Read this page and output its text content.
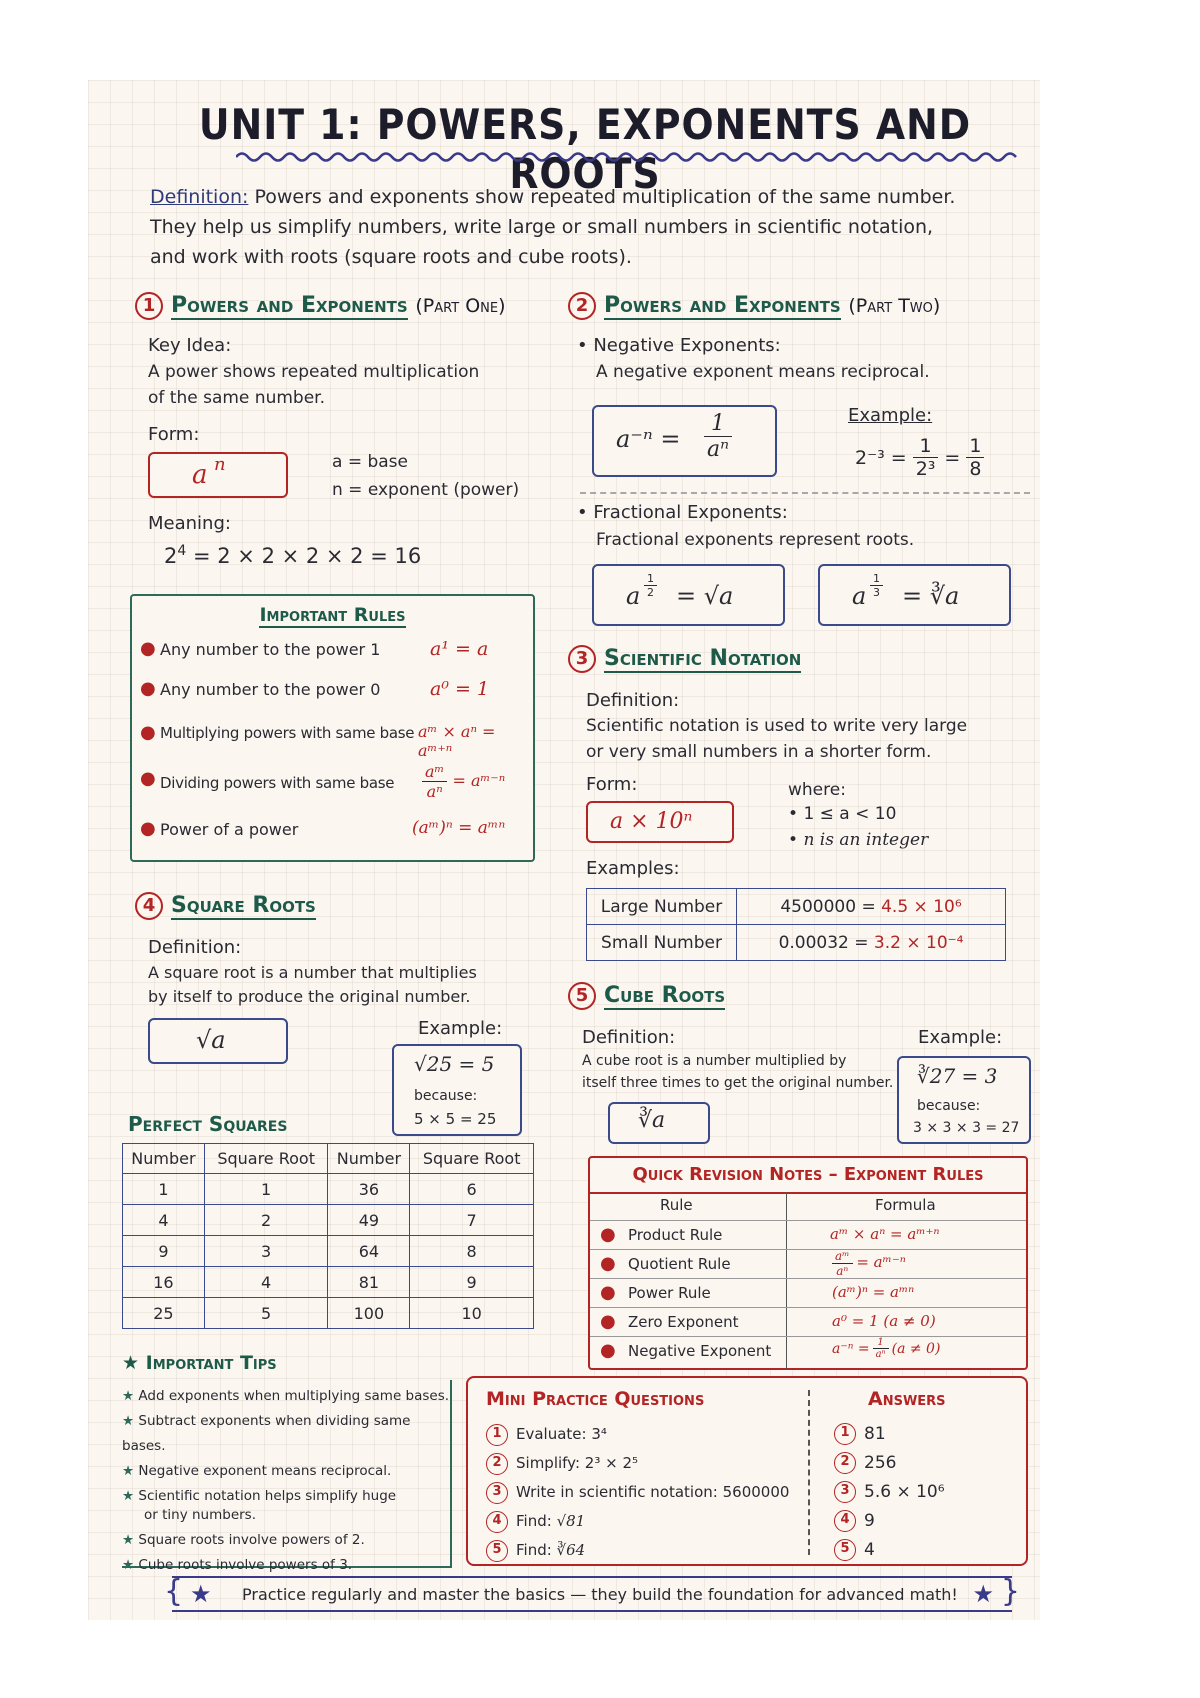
UNIT 1: POWERS, EXPONENTS AND ROOTS
Definition: Powers and exponents show repeated multiplication of the same number.
They help us simplify numbers, write large or small numbers in scientific notation,
and work with roots (square roots and cube roots).
1 Powers and Exponents (Part One)
Key Idea:
A power shows repeated multiplication
of the same number.
Form:
a n	a = base
n = exponent (power)
Meaning:
$2^4 = 2 \times 2 \times 2 \times 2 = 16$
Important Rules
● Any number to the power 1	a¹ = a
● Any number to the power 0	a⁰ = 1
● Multiplying powers with same base aᵐ × aⁿ = aᵐ⁺ⁿ
● Dividing powers with same base $\frac{\text{aᵐ}}{\text{aⁿ}}$ = aᵐ⁻ⁿ
● Power of a power	(aᵐ)ⁿ = aᵐⁿ
2 Powers and Exponents (Part Two)
• Negative Exponents:
A negative exponent means reciprocal.
$a^{-n} = \frac{1}{\text{aⁿ}}$	Example:
$2^{-3} = \frac{1}{\text{2³}} = \frac{1}{8}$
• Fractional Exponents:
Fractional exponents represent roots.
a $\frac{1}{2} = √a$	a $\frac{1}{3}$ = ∛a
3 Scientific Notation
Definition:
Scientific notation is used to write very large
or very small numbers in a shorter form.
Form:
a × 10ⁿ
where:
• 1 ≤ a < 10
• n is an integer
Examples:
Large Number	4500000 = 4.5 × 10⁶
Small Number	0.00032 = 3.2 × 10⁻⁴
4 Square Roots
Definition:
A square root is a number that multiplies
by itself to produce the original number.
√a	Example:
√25 = 5
because:
5 × 5 = 25
Perfect Squares
Number	Square Root	Number	Square Root
1	1	36	6
4	2	49	7
9	3	64	8
16	4	81	9
25	5	100	10
5 Cube Roots
Definition:
A cube root is a number multiplied by
itself three times to get the original number.
∛a
Example:
∛27 = 3
because:
3 × 3 × 3 = 27
Quick Revision Notes – Exponent Rules
Rule	Formula
● Product Rule	aᵐ × aⁿ = aᵐ⁺ⁿ
● Quotient Rule	$\frac{\text{aᵐ}}{\text{aⁿ}}$ = aᵐ⁻ⁿ
● Power Rule	(aᵐ)ⁿ = aᵐⁿ
● Zero Exponent	a⁰ = 1 (a ≠ 0)
● Negative Exponent	$a^{-n} = \frac{1}{\text{aⁿ}} (a \ne 0)$
★ Important Tips
★ Add exponents when multiplying same bases.
★ Subtract exponents when dividing same bases.
★ Negative exponent means reciprocal.
★ Scientific notation helps simplify huge
or tiny numbers.
★ Square roots involve powers of 2.
★ Cube roots involve powers of 3.
Mini Practice Questions
1 Evaluate: 3⁴
2 Simplify: 2³ × 2⁵
3 Write in scientific notation: 5600000
4 Find: √81
5 Find: ∛64
Answers
1 81
2 256
3 5.6 × 10⁶
4 9
5 4
{ ★ Practice regularly and master the basics — they build the foundation for advanced math! ★ }
